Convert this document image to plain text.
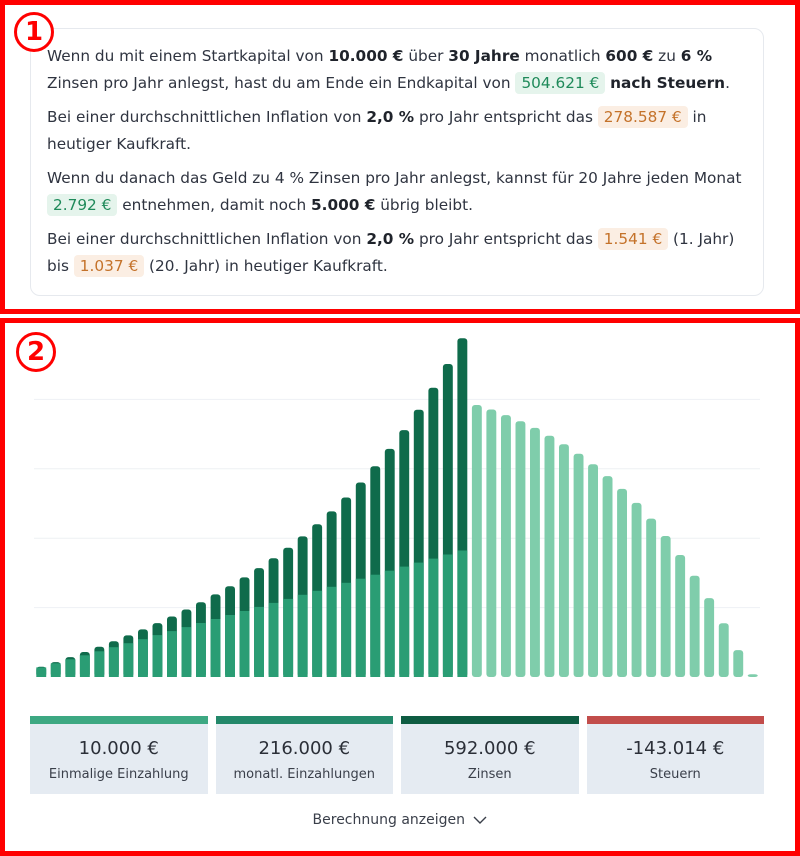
1
2

Wenn du mit einem Startkapital von 10.000 € über 30 Jahre monatlich 600 € zu 6 % Zinsen pro Jahr anlegst, hast du am Ende ein Endkapital von 504.621 € nach Steuern.

Bei einer durchschnittlichen Inflation von 2,0 % pro Jahr entspricht das 278.587 € in heutiger Kaufkraft.

Wenn du danach das Geld zu 4 % Zinsen pro Jahr anlegst, kannst für 20 Jahre jeden Monat 2.792 € entnehmen, damit noch 5.000 € übrig bleibt.

Bei einer durchschnittlichen Inflation von 2,0 % pro Jahr entspricht das 1.541 € (1. Jahr) bis 1.037 € (20. Jahr) in heutiger Kaufkraft.

10.000 €
Einmalige Einzahlung
216.000 €
monatl. Einzahlungen
592.000 €
Zinsen
-143.014 €
Steuern
Berechnung anzeigen
